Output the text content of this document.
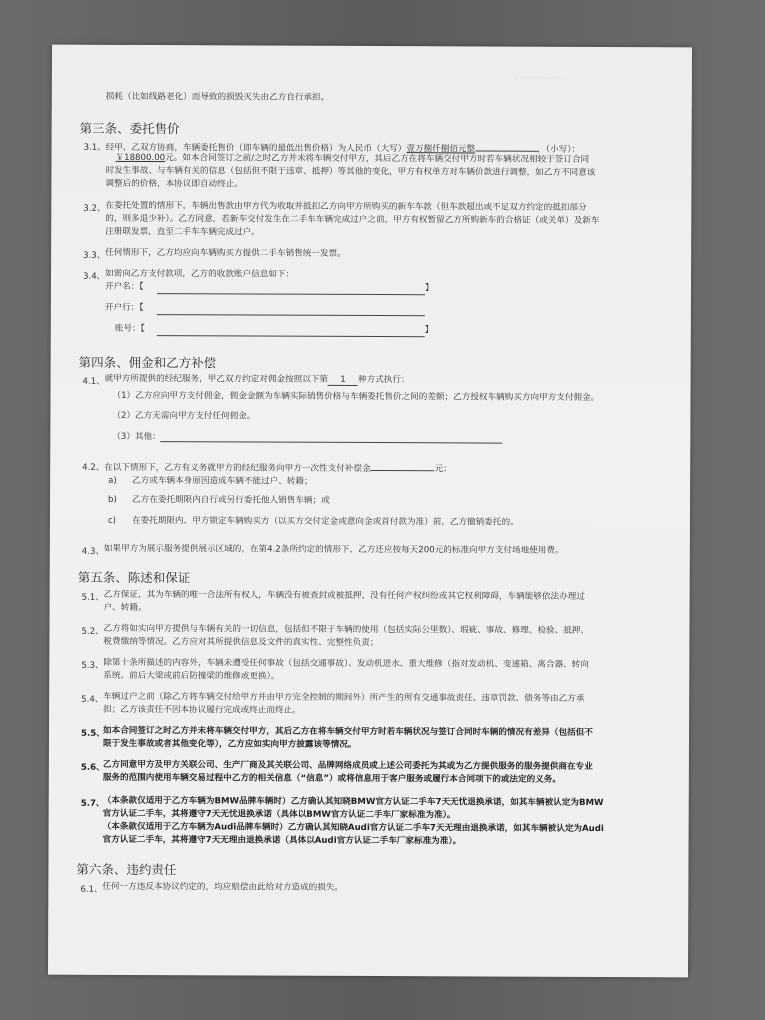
ㄱ ᅳ ᅳ ᅳ
损耗（比如线路老化）而导致的损毁灭失由乙方自行承担。
第三条、委托售价
3.1、 经甲、乙双方协商，车辆委托售价（即车辆的最低出售价格）为人民币（大写）壹万捌仟捌佰元整	，（小写）：
￥18800.00元。如本合同签订之前/之时乙方并未将车辆交付甲方，其后乙方在将车辆交付甲方时若车辆状况相较于签订合同
时发生事故、与车辆有关的信息（包括但不限于违章、抵押）等其他的变化，甲方有权单方对车辆价款进行调整，如乙方不同意该
调整后的价格，本协议即自动终止。
3.2、 在委托处置的情形下，车辆出售款由甲方代为收取并抵扣乙方向甲方所购买的新车车款（但车款超出或不足双方约定的抵扣部分
的，则多退少补）。乙方同意，若新车交付发生在二手车车辆完成过户之前，甲方有权暂留乙方所购新车的合格证（或关单）及新车
注册联发票，直至二手车车辆完成过户。
3.3、 任何情形下，乙方均应向车辆购买方提供二手车销售统一发票。
3.4、 如需向乙方支付款项，乙方的收款账户信息如下：
开户名：【	】
开户行：【
账号：【	】
第四条、佣金和乙方补偿
4.1、 就甲方所提供的经纪服务，甲乙双方约定对佣金按照以下第 1 种方式执行：
（1）乙方应向甲方支付佣金，佣金金额为车辆实际销售价格与车辆委托售价之间的差额；乙方授权车辆购买方向甲方支付佣金。
（2）乙方无需向甲方支付任何佣金。
（3）其他：
4.2、 在以下情形下，乙方有义务就甲方的经纪服务向甲方一次性支付补偿金	元：
a) 乙方或车辆本身原因造成车辆不能过户、转籍；
b) 乙方在委托期限内自行或另行委托他人销售车辆；或
c) 在委托期限内、甲方锁定车辆购买方（以买方交付定金或意向金或首付款为准）前，乙方撤销委托的。
4.3、 如果甲方为展示服务提供展示区域的，在第4.2条所约定的情形下，乙方还应按每天200元的标准向甲方支付场地使用费。
第五条、陈述和保证
5.1、 乙方保证，其为车辆的唯一合法所有权人，车辆没有被查封或被抵押、没有任何产权纠纷或其它权利障碍，车辆能够依法办理过
户、转籍。
5.2、 乙方将如实向甲方提供与车辆有关的一切信息，包括但不限于车辆的使用（包括实际公里数）、瑕疵、事故、修理、检验、抵押、
税费缴纳等情况。乙方应对其所提供信息及文件的真实性、完整性负责；
5.3、 除第十条所描述的内容外，车辆未遭受任何事故（包括交通事故）、发动机进水、重大维修（指对发动机、变速箱、离合器、转向
系统、前后大梁或前后防撞梁的维修或更换）。
5.4、 车辆过户之前（除乙方将车辆交付给甲方并由甲方完全控制的期间外）所产生的所有交通事故责任、违章罚款、债务等由乙方承
担；乙方该责任不因本协议履行完成或终止而终止。
5.5、
如本合同签订之时乙方并未将车辆交付甲方，其后乙方在将车辆交付甲方时若车辆状况与签订合同时车辆的情况有差异（包括但不
限于发生事故或者其他变化等），乙方应如实向甲方披露该等情况。
5.6、
乙方同意甲方及甲方关联公司、生产厂商及其关联公司、品牌网络成员或上述公司委托为其或为乙方提供服务的服务提供商在专业
服务的范围内使用车辆交易过程中乙方的相关信息（“信息”）或将信息用于客户服务或履行本合同项下的或法定的义务。
5.7、
（本条款仅适用于乙方车辆为BMW品牌车辆时）乙方确认其知晓BMW官方认证二手车7天无忧退换承诺，如其车辆被认定为BMW
官方认证二手车，其将遵守7天无忧退换承诺（具体以BMW官方认证二手车厂家标准为准）。
（本条款仅适用于乙方车辆为Audi品牌车辆时）乙方确认其知晓Audi官方认证二手车7天无理由退换承诺，如其车辆被认定为Audi
官方认证二手车，其将遵守7天无理由退换承诺（具体以Audi官方认证二手车厂家标准为准）。
第六条、违约责任
6.1、 任何一方违反本协议约定的，均应赔偿由此给对方造成的损失。
